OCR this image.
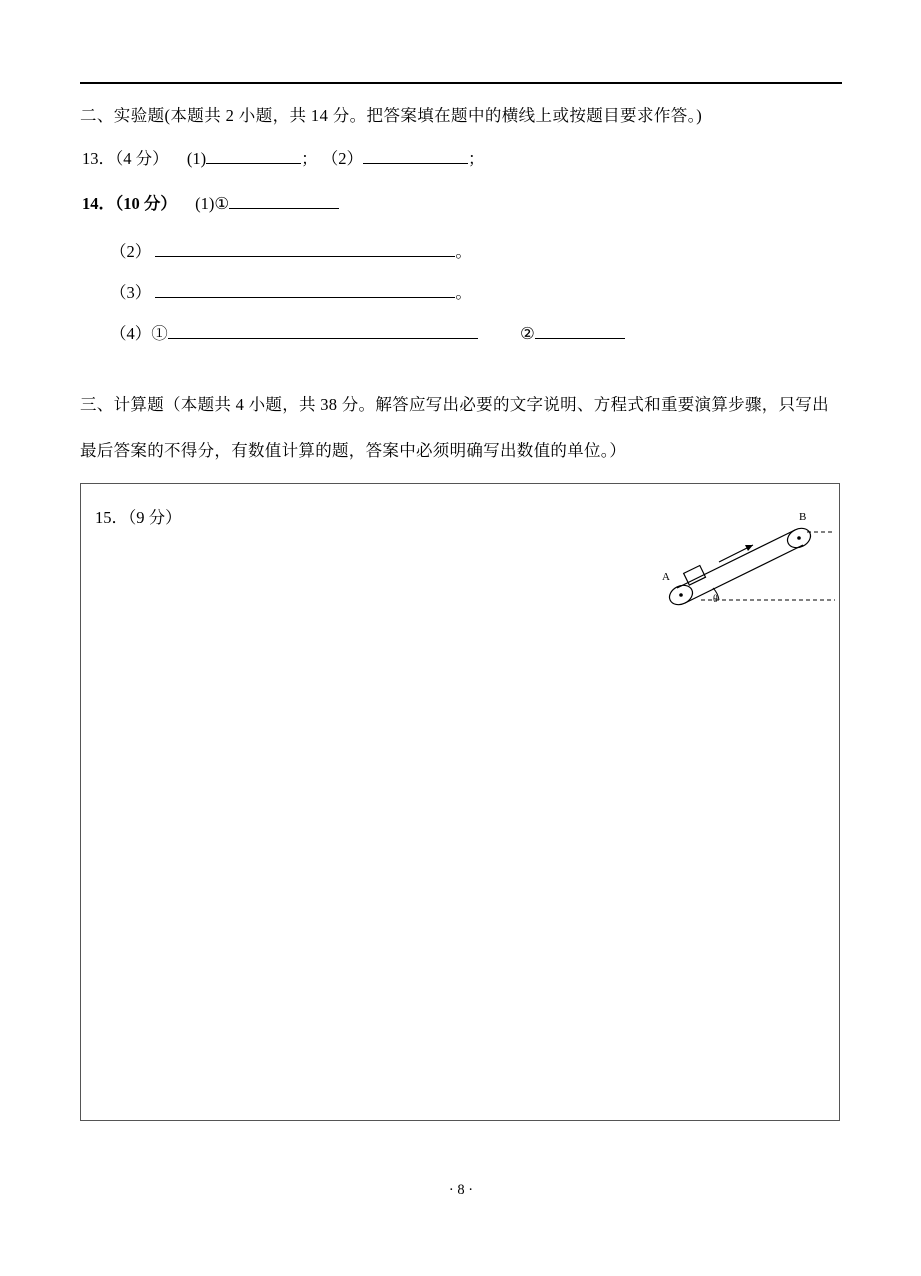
二、实验题(本题共 2 小题，共 14 分。把答案填在题中的横线上或按题目要求作答。)
13．（4 分） (1)	； （2）	；
14．（10 分） (1)①
（2）	。
（3）	。
（4）①	②
三、计算题（本题共 4 小题，共 38 分。解答应写出必要的文字说明、方程式和重要演算步骤，只写出最后答案的不得分，有数值计算的题，答案中必须明确写出数值的单位。）
15．（9 分）
A
B
θ
· 8 ·
